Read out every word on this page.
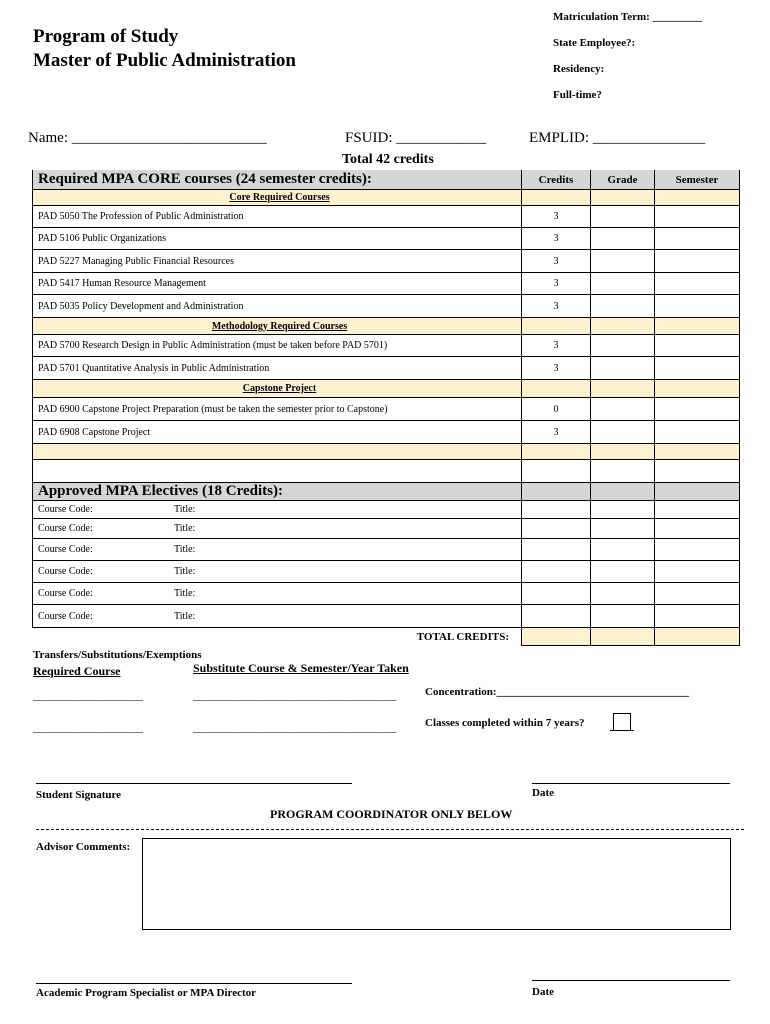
Program of Study
Master of Public Administration
Matriculation Term: _________
State Employee?:
Residency:
Full-time?
Name: __________________________	FSUID: ____________	EMPLID: _______________
Total 42 credits
Required MPA CORE courses (24 semester credits):	Credits	Grade	Semester
Core Required Courses
PAD 5050 The Profession of Public Administration	3
PAD 5106 Public Organizations	3
PAD 5227 Managing Public Financial Resources	3
PAD 5417 Human Resource Management	3
PAD 5035 Policy Development and Administration	3
Methodology Required Courses
PAD 5700 Research Design in Public Administration (must be taken before PAD 5701)	3
PAD 5701 Quantitative Analysis in Public Administration	3
Capstone Project
PAD 6900 Capstone Project Preparation (must be taken the semester prior to Capstone)	0
PAD 6908 Capstone Project	3
Approved MPA Electives (18 Credits):
Course Code:	Title:
Course Code:	Title:
Course Code:	Title:
Course Code:	Title:
Course Code:	Title:
Course Code:	Title:
TOTAL CREDITS:
Transfers/Substitutions/Exemptions
Required Course	Substitute Course & Semester/Year Taken
____________________	_____________________________________	Concentration:___________________________________
____________________	_____________________________________	Classes completed within 7 years?
Student Signature	Date
PROGRAM COORDINATOR ONLY BELOW
Advisor Comments:
Academic Program Specialist or MPA Director	Date
